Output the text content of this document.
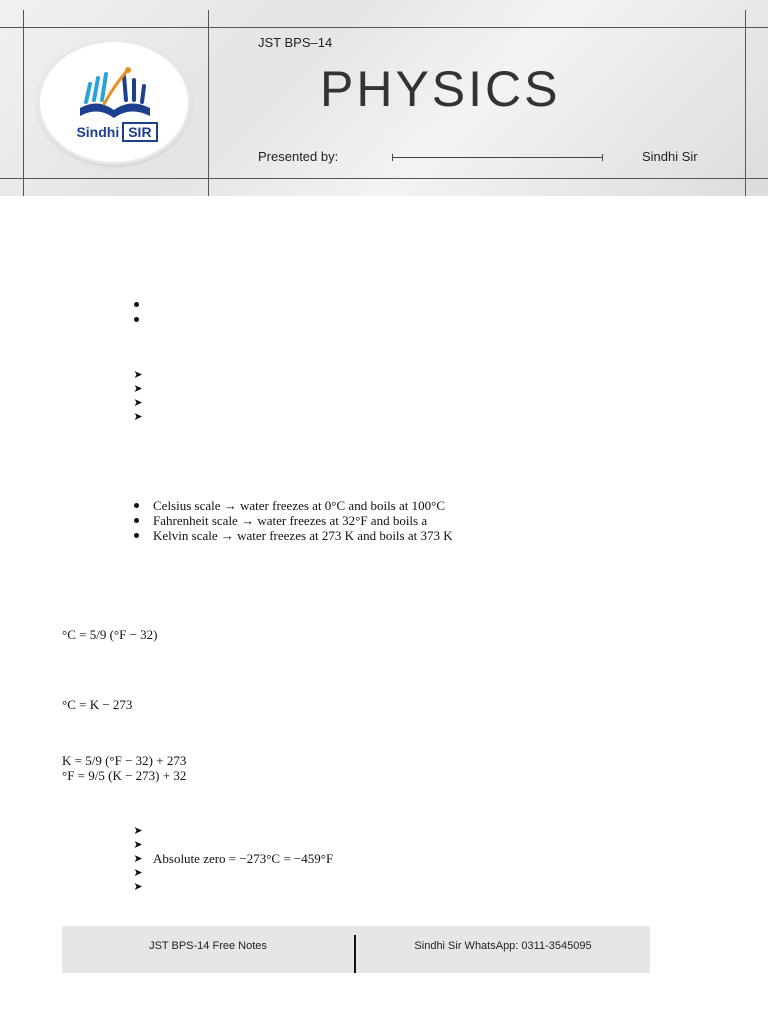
Sindhi SIR
JST BPS–14
PHYSICS
Presented by:	Sindhi Sir
➤
➤
➤
➤
Celsius scale → water freezes at 0°C and boils at 100°C
Fahrenheit scale → water freezes at 32°F and boils a
Kelvin scale → water freezes at 273 K and boils at 373 K
°C = 5/9 (°F − 32)
°C = K − 273
K = 5/9 (°F − 32) + 273
°F = 9/5 (K − 273) + 32
➤
➤
➤ Absolute zero = −273°C = −459°F
➤
➤
JST BPS-14 Free Notes	Sindhi Sir WhatsApp: 0311-3545095
